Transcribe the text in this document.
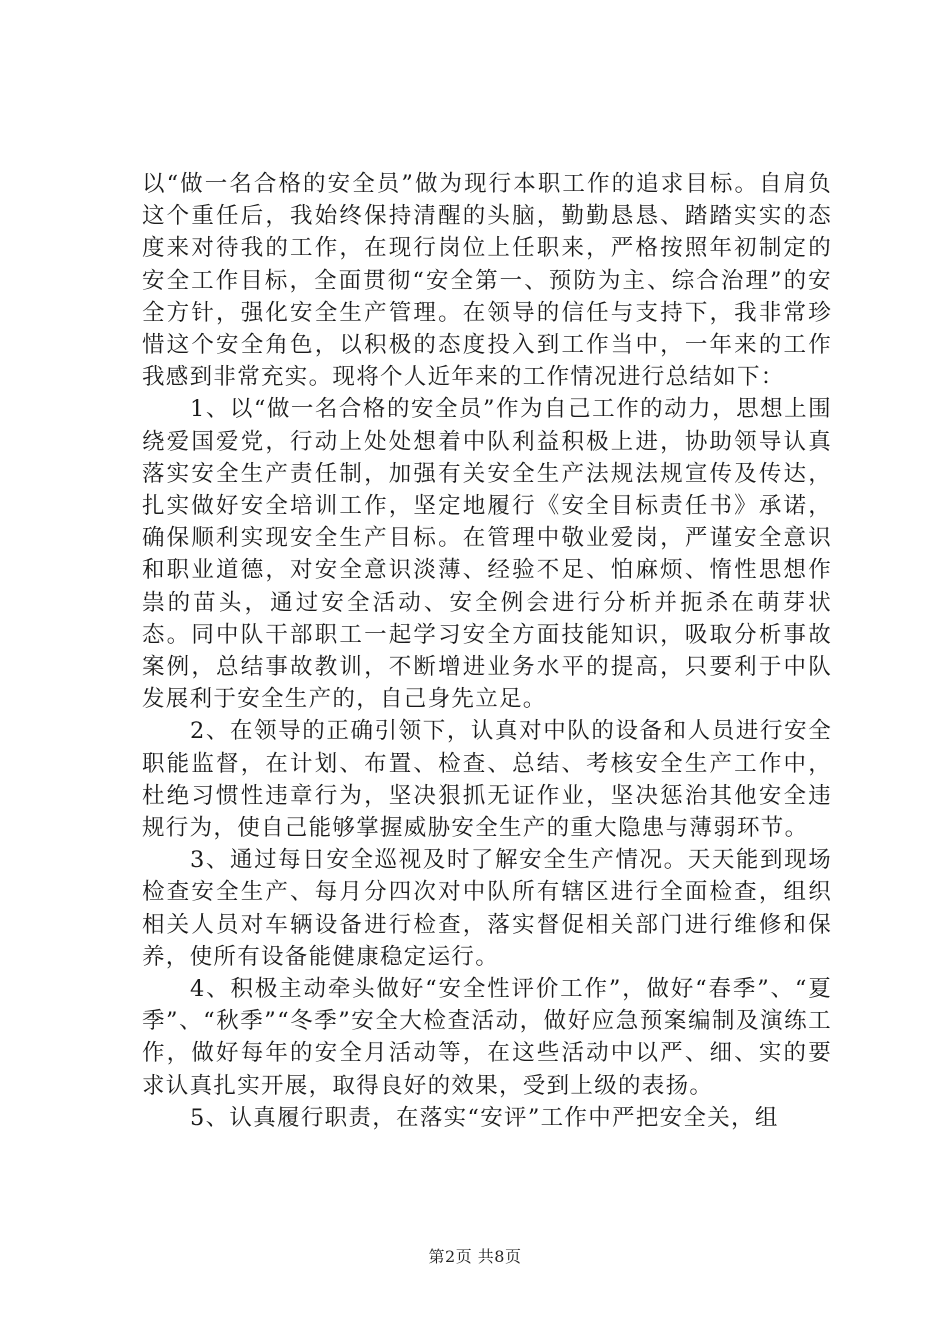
以“做一名合格的安全员”做为现行本职工作的追求目标。自肩负这个重任后，我始终保持清醒的头脑，勤勤恳恳、踏踏实实的态度来对待我的工作，在现行岗位上任职来，严格按照年初制定的安全工作目标，全面贯彻“安全第一、预防为主、综合治理”的安全方针，强化安全生产管理。在领导的信任与支持下，我非常珍惜这个安全角色，以积极的态度投入到工作当中，一年来的工作我感到非常充实。现将个人近年来的工作情况进行总结如下：

1、以“做一名合格的安全员”作为自己工作的动力，思想上围绕爱国爱党，行动上处处想着中队利益积极上进，协助领导认真落实安全生产责任制，加强有关安全生产法规法规宣传及传达，扎实做好安全培训工作，坚定地履行《安全目标责任书》承诺，确保顺利实现安全生产目标。在管理中敬业爱岗，严谨安全意识和职业道德，对安全意识淡薄、经验不足、怕麻烦、惰性思想作祟的苗头，通过安全活动、安全例会进行分析并扼杀在萌芽状态。同中队干部职工一起学习安全方面技能知识，吸取分析事故案例，总结事故教训，不断增进业务水平的提高，只要利于中队发展利于安全生产的，自己身先立足。

2、在领导的正确引领下，认真对中队的设备和人员进行安全职能监督，在计划、布置、检查、总结、考核安全生产工作中，杜绝习惯性违章行为，坚决狠抓无证作业，坚决惩治其他安全违规行为，使自己能够掌握威胁安全生产的重大隐患与薄弱环节。

3、通过每日安全巡视及时了解安全生产情况。天天能到现场检查安全生产、每月分四次对中队所有辖区进行全面检查，组织相关人员对车辆设备进行检查，落实督促相关部门进行维修和保养，使所有设备能健康稳定运行。

4、积极主动牵头做好“安全性评价工作”，做好“春季”、“夏季”、“秋季”“冬季”安全大检查活动，做好应急预案编制及演练工作，做好每年的安全月活动等，在这些活动中以严、细、实的要求认真扎实开展，取得良好的效果，受到上级的表扬。

5、认真履行职责，在落实“安评”工作中严把安全关，组

第2页 共8页
